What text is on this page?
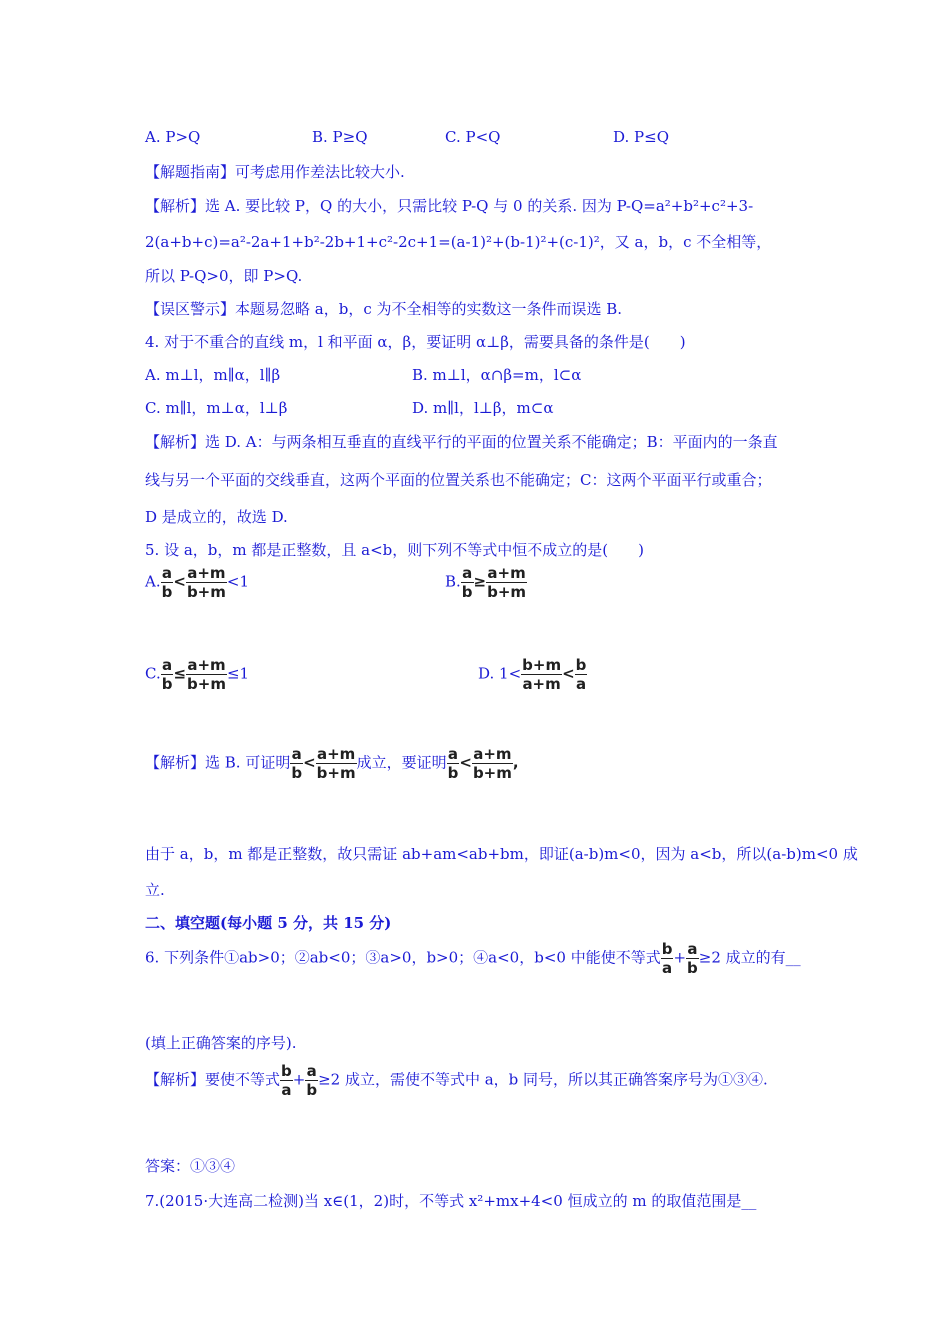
A. P>Q	B. P≥Q	C. P<Q	D. P≤Q
【解题指南】可考虑用作差法比较大小.
【解析】选 A. 要比较 P，Q 的大小，只需比较 P-Q 与 0 的关系. 因为 P-Q=a²+b²+c²+3-
2(a+b+c)=a²-2a+1+b²-2b+1+c²-2c+1=(a-1)²+(b-1)²+(c-1)²，又 a，b，c 不全相等，
所以 P-Q>0，即 P>Q.
【误区警示】本题易忽略 a，b，c 为不全相等的实数这一条件而误选 B.
4. 对于不重合的直线 m，l 和平面 α，β，要证明 α⊥β，需要具备的条件是(　　)
A. m⊥l，m∥α，l∥β	B. m⊥l，α∩β=m，l⊂α
C. m∥l，m⊥α，l⊥β	D. m∥l，l⊥β，m⊂α
【解析】选 D. A：与两条相互垂直的直线平行的平面的位置关系不能确定；B：平面内的一条直
线与另一个平面的交线垂直，这两个平面的位置关系也不能确定；C：这两个平面平行或重合；
D 是成立的，故选 D.
5. 设 a，b，m 都是正整数，且 a<b，则下列不等式中恒不成立的是(　　)
A. $\frac{a}{b} < \frac{a+m}{b+m} <1$	B. $\frac{a}{b} \ge \frac{a+m}{b+m}$
C. $\frac{a}{b} \le \frac{a+m}{b+m} \le 1$	D. $1< \frac{b+m}{a+m} < \frac{b}{a}$
【解析】选 B. 可证明 $\frac{a}{b} < \frac{a+m}{b+m}$ 成立，要证明 $\frac{a}{b} < \frac{a+m}{b+m}$ ,
由于 a，b，m 都是正整数，故只需证 ab+am<ab+bm，即证(a-b)m<0，因为 a<b，所以(a-b)m<0 成
立.
二、填空题(每小题 5 分，共 15 分)
6. 下列条件①ab>0；②ab<0；③a>0，b>0；④a<0，b<0 中能使不等式 $\frac{b}{a} + \frac{a}{b} \ge 2$ 成立的有__
(填上正确答案的序号).
【解析】要使不等式 $\frac{b}{a} + \frac{a}{b} \ge 2$ 成立，需使不等式中 a，b 同号，所以其正确答案序号为①③④.
答案：①③④
7.(2015·大连高二检测)当 x∈(1，2)时，不等式 x²+mx+4<0 恒成立的 m 的取值范围是__
